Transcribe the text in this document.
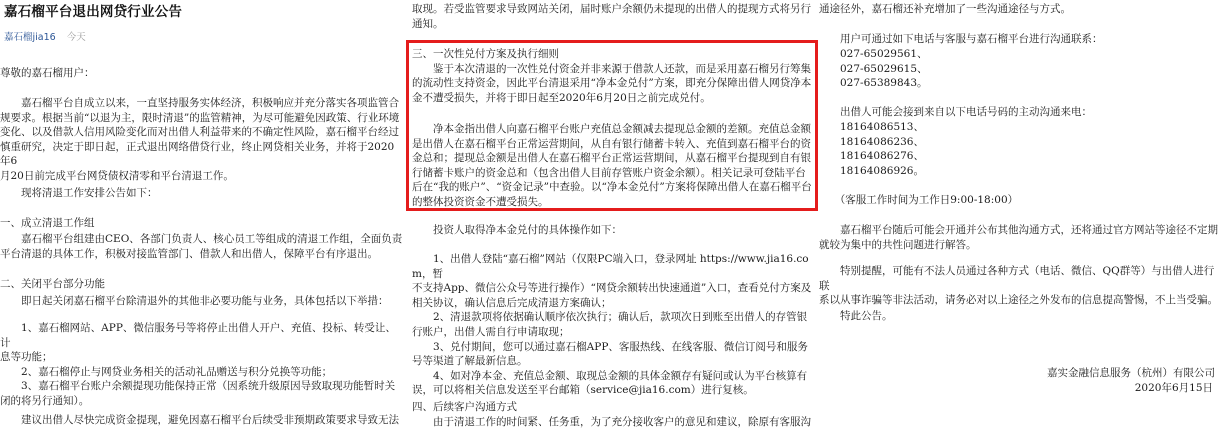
嘉石榴平台退出网贷行业公告
嘉石榴jia16 今天

尊敬的嘉石榴用户：

　　嘉石榴平台自成立以来，一直坚持服务实体经济，积极响应并充分落实各项监管合

规要求。根据当前“以退为主，限时清退”的监管精神，为尽可能避免因政策、行业环境

变化、以及借款人信用风险变化而对出借人利益带来的不确定性风险，嘉石榴平台经过

慎重研究，决定于即日起，正式退出网络借贷行业，终止网贷相关业务，并将于2020年6

月20日前完成平台网贷债权清零和平台清退工作。

　　现将清退工作安排公告如下：

一、成立清退工作组

　　嘉石榴平台组建由CEO、各部门负责人、核心员工等组成的清退工作组，全面负责

平台清退的具体工作，积极对接监管部门、借款人和出借人，保障平台有序退出。

二、关闭平台部分功能

　　即日起关闭嘉石榴平台除清退外的其他非必要功能与业务，具体包括以下举措：

　　1、嘉石榴网站、APP、微信服务号等将停止出借人开户、充值、投标、转受让、计

息等功能；

　　2、嘉石榴停止与网贷业务相关的活动礼品赠送与积分兑换等功能；

　　3、嘉石榴平台账户余额提现功能保持正常（因系统升级原因导致取现功能暂时关

闭的将另行通知）。

　　建议出借人尽快完成资金提现，避免因嘉石榴平台后续受非预期政策要求导致无法

取现。若受监管要求导致网站关闭，届时账户余额仍未提现的出借人的提现方式将另行

通知。

三、一次性兑付方案及执行细则

　　鉴于本次清退的一次性兑付资金并非来源于借款人还款，而是采用嘉石榴另行筹集

的流动性支持资金，因此平台清退采用“净本金兑付”方案，即充分保障出借人网贷净本

金不遭受损失，并将于即日起至2020年6月20日之前完成兑付。

　　净本金指出借人向嘉石榴平台账户充值总金额减去提现总金额的差额。充值总金额

是出借人在嘉石榴平台正常运营期间，从自有银行储蓄卡转入、充值到嘉石榴平台的资

金总和；提现总金额是出借人在嘉石榴平台正常运营期间，从嘉石榴平台提现到自有银

行储蓄卡账户的资金总和（包含出借人目前存管账户资金余额）。相关记录可登陆平台

后在“我的账户”、“资金记录”中查验。以“净本金兑付”方案将保障出借人在嘉石榴平台

的整体投资资金不遭受损失。

　　投资人取得净本金兑付的具体操作如下：

　　1、出借人登陆“嘉石榴”网站（仅限PC端入口，登录网址 https://www.jia16.com，暂

不支持App、微信公众号等进行操作）“网贷余额转出快速通道”入口，查看兑付方案及

相关协议，确认信息后完成清退方案确认；

　　2、清退款项将依据确认顺序依次执行；确认后，款项次日到账至出借人的存管银

行账户，出借人需自行申请取现；

　　3、兑付期间，您可以通过嘉石榴APP、客服热线、在线客服、微信订阅号和服务

号等渠道了解最新信息。

　　4、如对净本金、充值总金额、取现总金额的具体金额存有疑问或认为平台核算有

误，可以将相关信息发送至平台邮箱（service@jia16.com）进行复核。

四、后续客户沟通方式

　　由于清退工作的时间紧、任务重，为了充分接收客户的意见和建议，除原有客服沟

通途径外，嘉石榴还补充增加了一些沟通途径与方式。

　　用户可通过如下电话与客服与嘉石榴平台进行沟通联系：

　　027-65029561、

　　027-65029615、

　　027-65389843。

　　出借人可能会接到来自以下电话号码的主动沟通来电：

　　18164086513、

　　18164086236、

　　18164086276、

　　18164086926。

　　（客服工作时间为工作日9:00-18:00）

　　嘉石榴平台随后可能会开通并公布其他沟通方式，还将通过官方网站等途径不定期

就较为集中的共性问题进行解答。

　　特别提醒，可能有不法人员通过各种方式（电话、微信、QQ群等）与出借人进行联

系以从事诈骗等非法活动，请务必对以上途径之外发布的信息提高警惕，不上当受骗。

　　特此公告。

嘉实金融信息服务（杭州）有限公司

2020年6月15日
